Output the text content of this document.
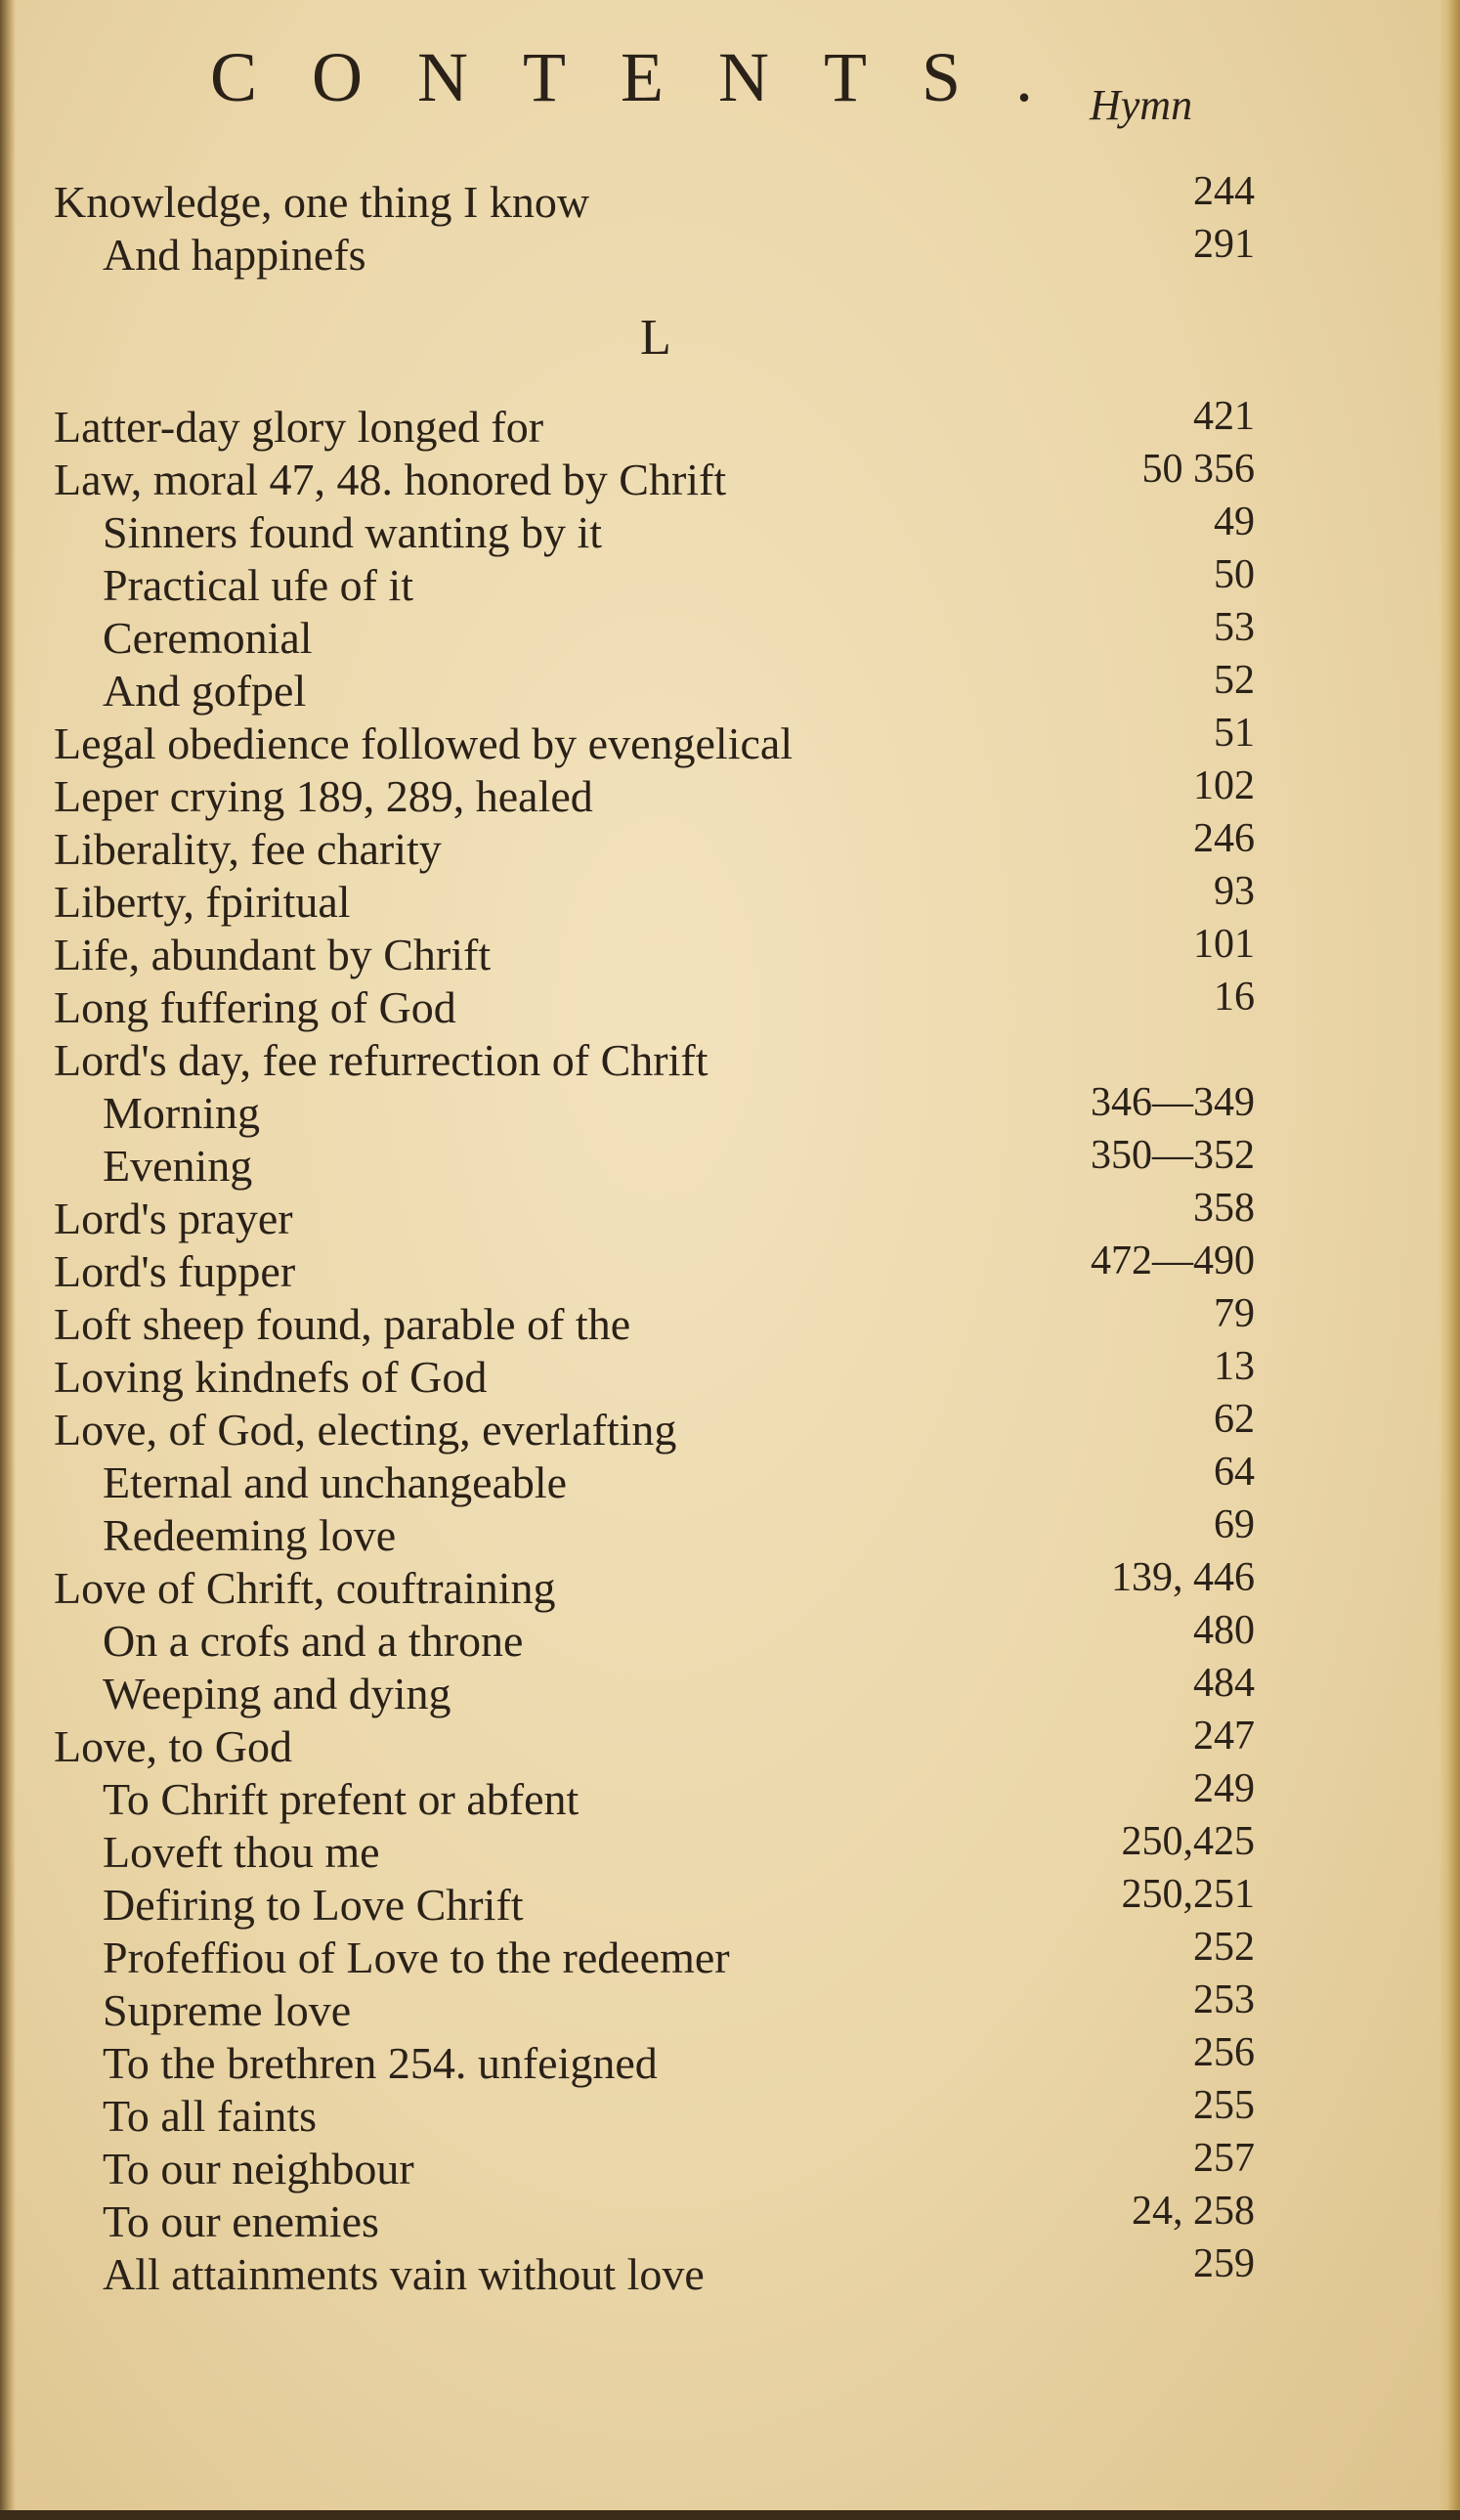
CONTENTS. Hymn
Knowledge, one thing I know	244
And happinefs	291
L
Latter-day glory longed for	421
Law, moral 47, 48. honored by Chrift	50 356
Sinners found wanting by it	49
Practical ufe of it	50
Ceremonial	53
And gofpel	52
Legal obedience followed by evengelical	51
Leper crying 189, 289, healed	102
Liberality, fee charity	246
Liberty, fpiritual	93
Life, abundant by Chrift	101
Long fuffering of God	16
Lord's day, fee refurrection of Chrift
Morning	346—349
Evening	350—352
Lord's prayer	358
Lord's fupper	472—490
Loft sheep found, parable of the	79
Loving kindnefs of God	13
Love, of God, electing, everlafting	62
Eternal and unchangeable	64
Redeeming love	69
Love of Chrift, couftraining	139, 446
On a crofs and a throne	480
Weeping and dying	484
Love, to God	247
To Chrift prefent or abfent	249
Loveft thou me	250,425
Defiring to Love Chrift	250,251
Profeffiou of Love to the redeemer	252
Supreme love	253
To the brethren 254. unfeigned	256
To all faints	255
To our neighbour	257
To our enemies	24, 258
All attainments vain without love	259
